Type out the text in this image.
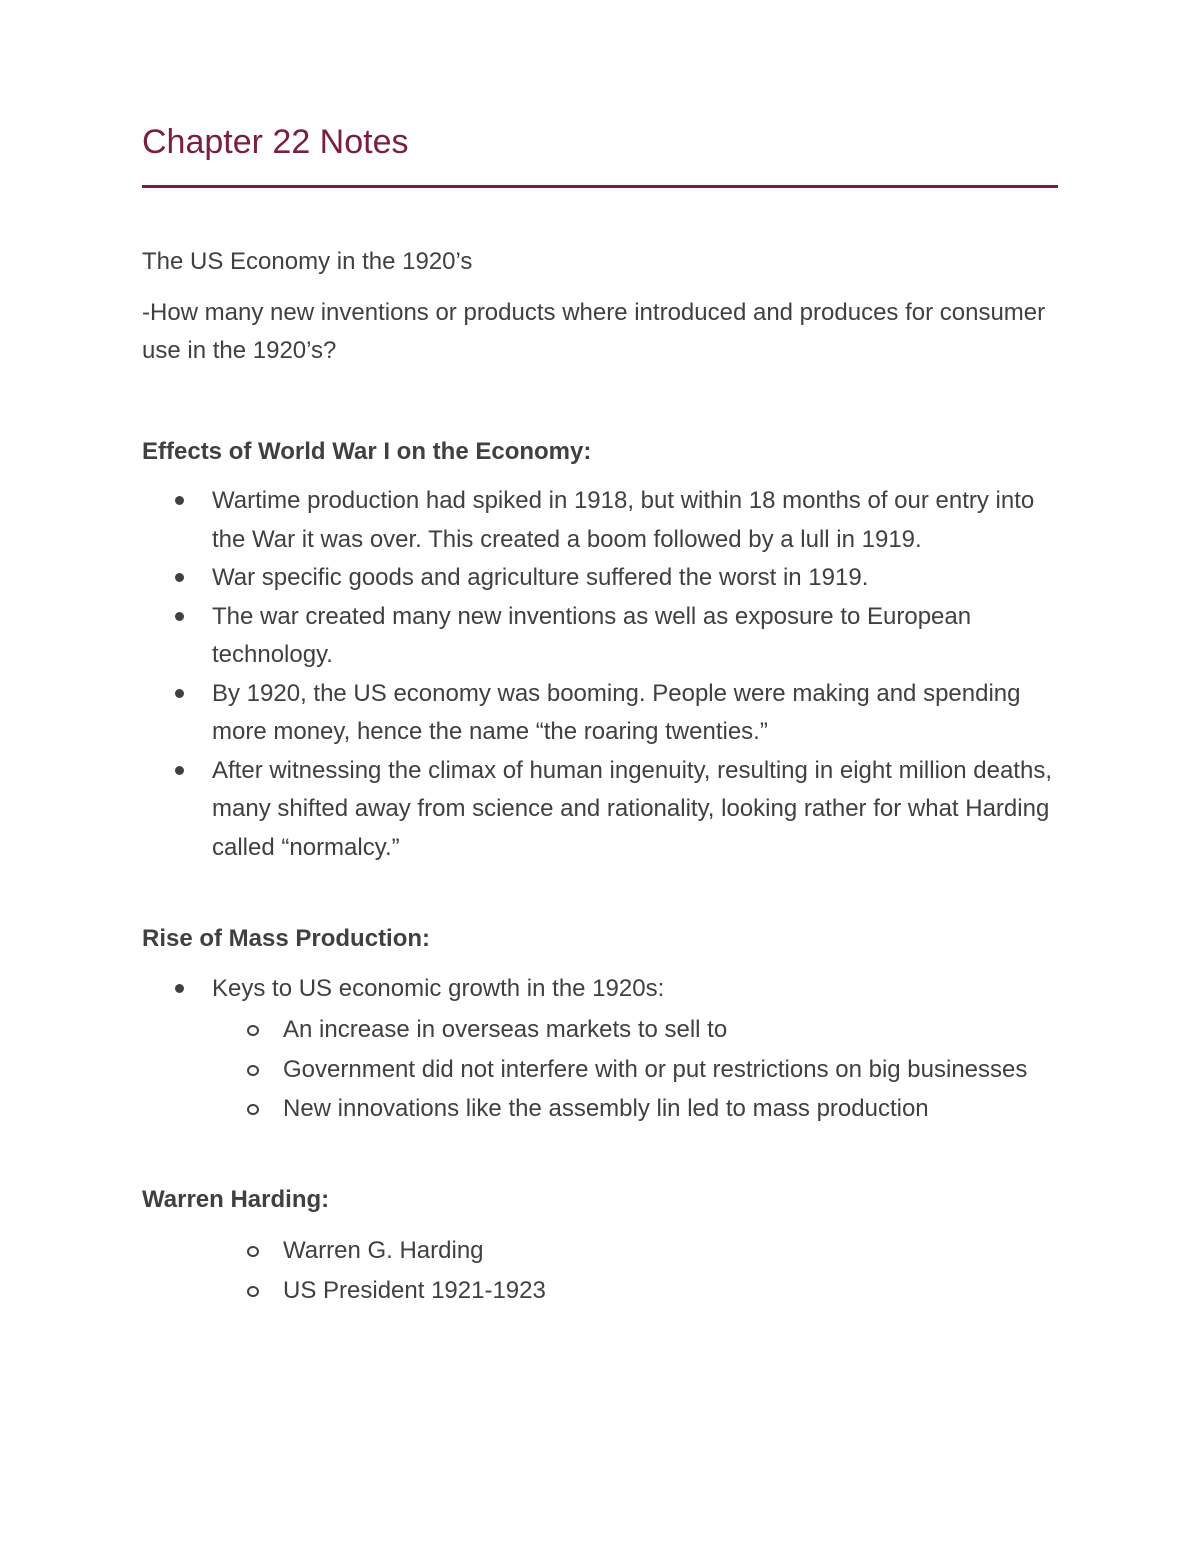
Chapter 22 Notes

The US Economy in the 1920’s

-How many new inventions or products where introduced and produces for consumer use in the 1920’s?

Effects of World War I on the Economy:

Wartime production had spiked in 1918, but within 18 months of our entry into the War it was over. This created a boom followed by a lull in 1919.
War specific goods and agriculture suffered the worst in 1919.
The war created many new inventions as well as exposure to European technology.
By 1920, the US economy was booming. People were making and spending more money, hence the name “the roaring twenties.”
After witnessing the climax of human ingenuity, resulting in eight million deaths, many shifted away from science and rationality, looking rather for what Harding called “normalcy.”

Rise of Mass Production:

Keys to US economic growth in the 1920s:
An increase in overseas markets to sell to
Government did not interfere with or put restrictions on big businesses
New innovations like the assembly lin led to mass production

Warren Harding:

Warren G. Harding
US President 1921-1923
